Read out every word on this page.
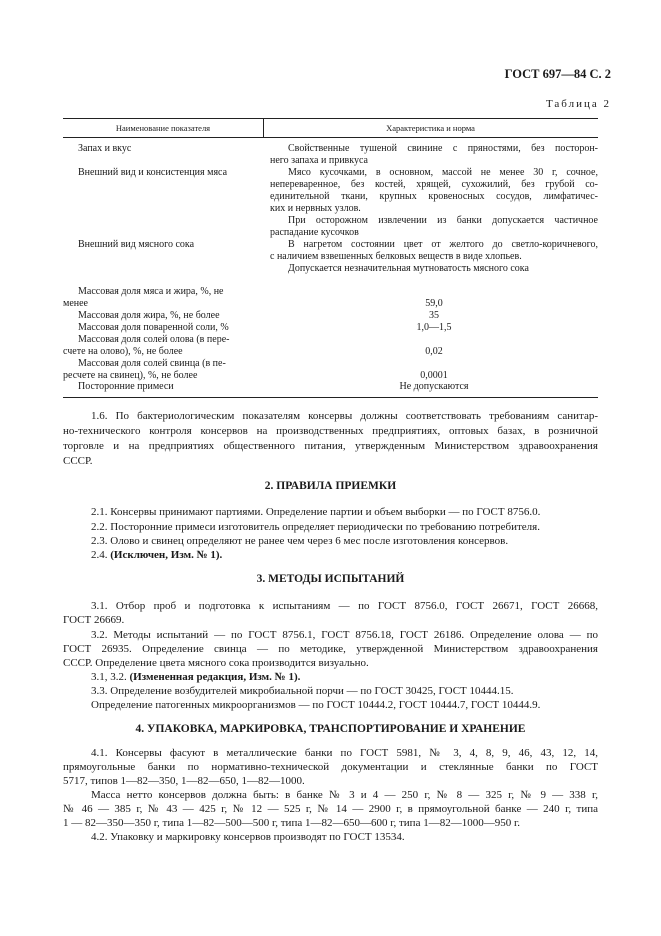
ГОСТ 697—84 С. 2
Таблица 2
Наименование показателя	Характеристика и норма
Запах и вкус	Свойственные тушеной свинине с пряностями, без посторон-
него запаха и привкуса
Внешний вид и консистенция мяса	Мясо кусочками, в основном, массой не менее 30 г, сочное,
непереваренное, без костей, хрящей, сухожилий, без грубой со-
единительной ткани, крупных кровеносных сосудов, лимфатичес-
ких и нервных узлов.
При осторожном извлечении из банки допускается частичное
распадание кусочков
Внешний вид мясного сока	В нагретом состоянии цвет от желтого до светло-коричневого,
с наличием взвешенных белковых веществ в виде хлопьев.
Допускается незначительная мутноватость мясного сока
Массовая доля мяса и жира, %, не
менее	59,0
Массовая доля жира, %, не более	35
Массовая доля поваренной соли, %	1,0—1,5
Массовая доля солей олова (в пере-
счете на олово), %, не более	0,02
Массовая доля солей свинца (в пе-
ресчете на свинец), %, не более	0,0001
Посторонние примеси	Не допускаются
1.6. По бактериологическим показателям консервы должны соответствовать требованиям санитар-
но-технического контроля консервов на производственных предприятиях, оптовых базах, в розничной
торговле и на предприятиях общественного питания, утвержденным Министерством здравоохранения
СССР.
2. ПРАВИЛА ПРИЕМКИ
2.1. Консервы принимают партиями. Определение партии и объем выборки — по ГОСТ 8756.0.
2.2. Посторонние примеси изготовитель определяет периодически по требованию потребителя.
2.3. Олово и свинец определяют не ранее чем через 6 мес после изготовления консервов.
2.4. (Исключен, Изм. № 1).
3. МЕТОДЫ ИСПЫТАНИЙ
3.1. Отбор проб и подготовка к испытаниям — по ГОСТ 8756.0, ГОСТ 26671, ГОСТ 26668,
ГОСТ 26669.
3.2. Методы испытаний — по ГОСТ 8756.1, ГОСТ 8756.18, ГОСТ 26186. Определение олова — по
ГОСТ 26935. Определение свинца — по методике, утвержденной Министерством здравоохранения
СССР. Определение цвета мясного сока производится визуально.
3.1, 3.2. (Измененная редакция, Изм. № 1).
3.3. Определение возбудителей микробиальной порчи — по ГОСТ 30425, ГОСТ 10444.15.
Определение патогенных микроорганизмов — по ГОСТ 10444.2, ГОСТ 10444.7, ГОСТ 10444.9.
4. УПАКОВКА, МАРКИРОВКА, ТРАНСПОРТИРОВАНИЕ И ХРАНЕНИЕ
4.1. Консервы фасуют в металлические банки по ГОСТ 5981, № 3, 4, 8, 9, 46, 43, 12, 14,
прямоугольные банки по нормативно-технической документации и стеклянные банки по ГОСТ
5717, типов 1—82—350, 1—82—650, 1—82—1000.
Масса нетто консервов должна быть: в банке № 3 и 4 — 250 г, № 8 — 325 г, № 9 — 338 г,
№ 46 — 385 г, № 43 — 425 г, № 12 — 525 г, № 14 — 2900 г, в прямоугольной банке — 240 г, типа
1 — 82—350—350 г, типа 1—82—500—500 г, типа 1—82—650—600 г, типа 1—82—1000—950 г.
4.2. Упаковку и маркировку консервов производят по ГОСТ 13534.
